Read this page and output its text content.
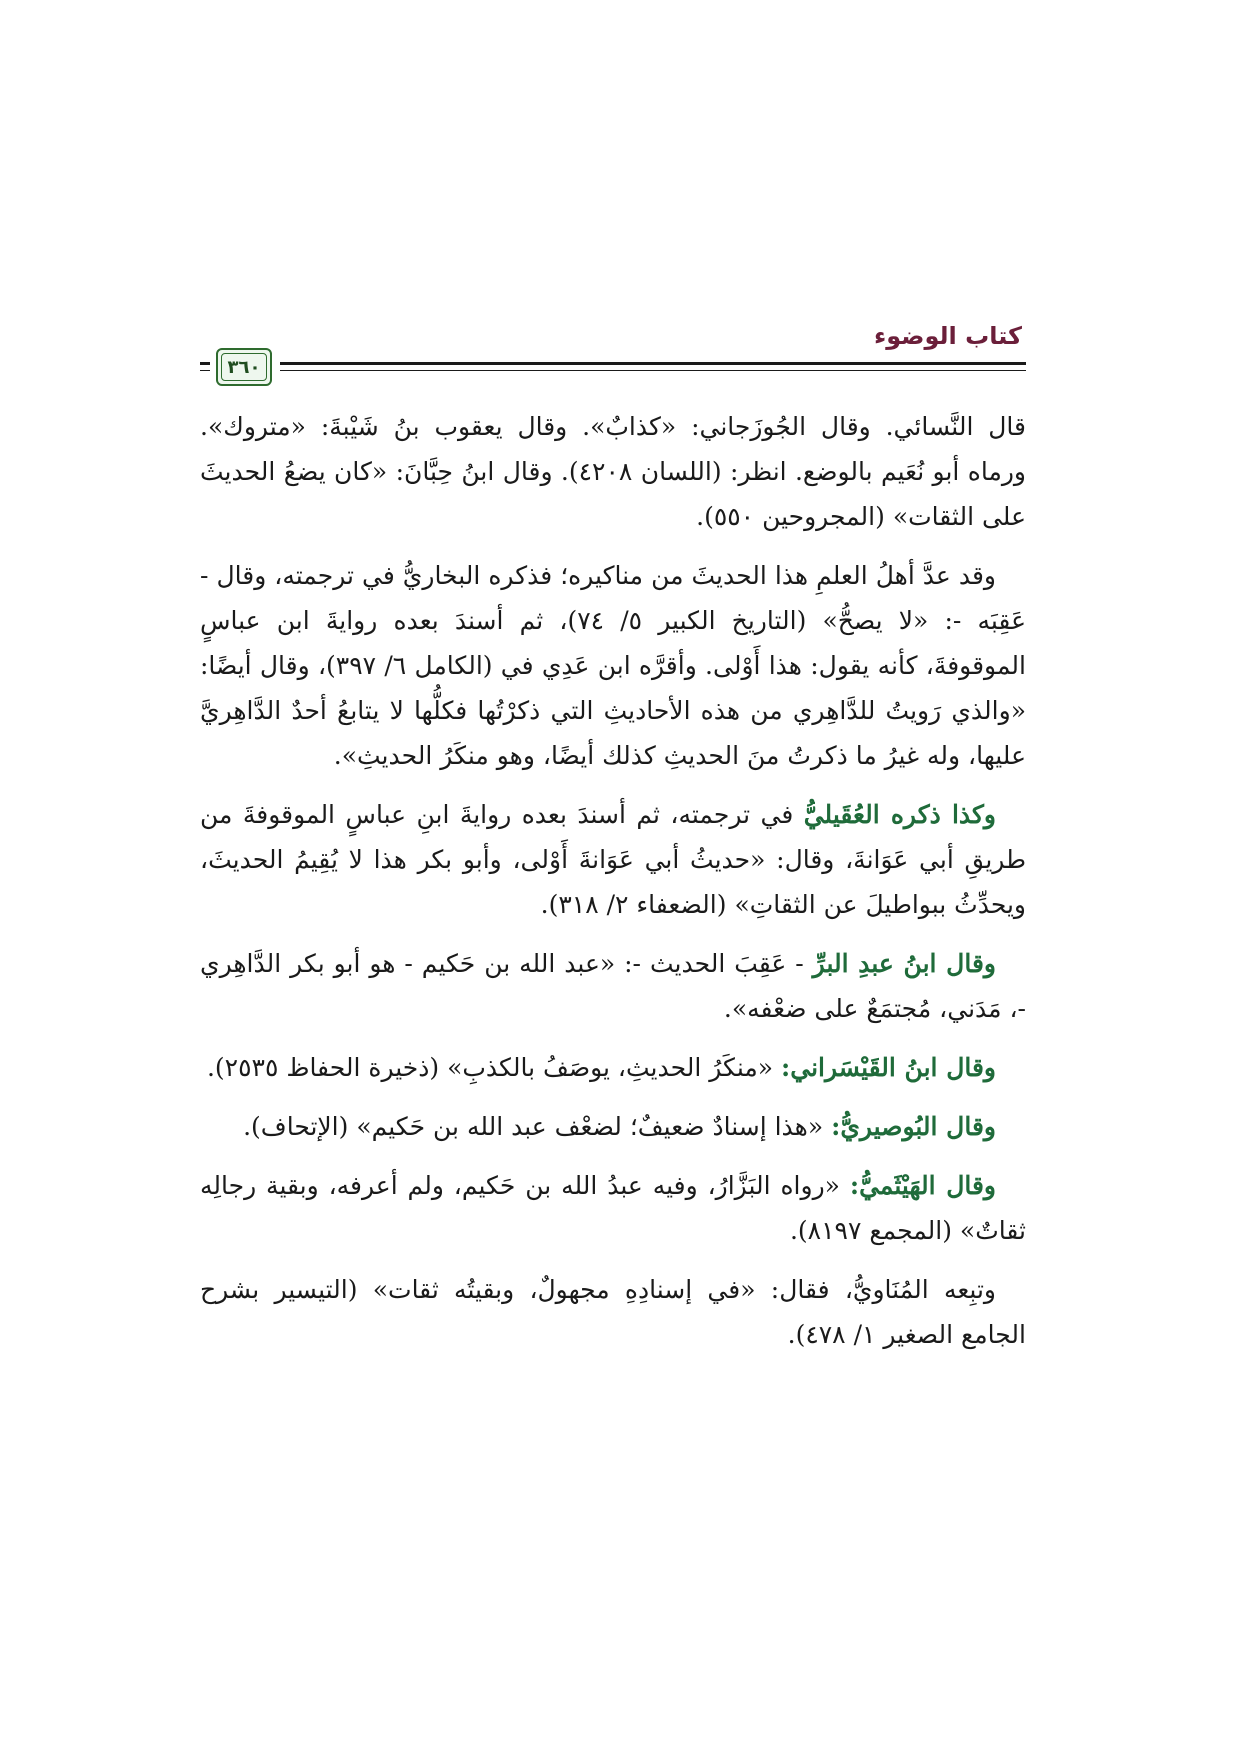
كتاب الوضوء
٣٦٠

قال النَّسائي. وقال الجُوزَجاني: «كذابٌ». وقال يعقوب بنُ شَيْبةَ: «متروك». ورماه أبو نُعَيم بالوضع. انظر: (اللسان ٤٢٠٨). وقال ابنُ حِبَّانَ: «كان يضعُ الحديثَ على الثقات» (المجروحين ٥٥٠).

وقد عدَّ أهلُ العلمِ هذا الحديثَ من مناكيره؛ فذكره البخاريُّ في ترجمته، وقال - عَقِبَه -: «لا يصحُّ» (التاريخ الكبير ٥/ ٧٤)، ثم أسندَ بعده روايةَ ابن عباسٍ الموقوفةَ، كأنه يقول: هذا أَوْلى. وأقرَّه ابن عَدِي في (الكامل ٦/ ٣٩٧)، وقال أيضًا: «والذي رَويتُ للدَّاهِري من هذه الأحاديثِ التي ذكرْتُها فكلُّها لا يتابعُ أحدٌ الدَّاهِريَّ عليها، وله غيرُ ما ذكرتُ منَ الحديثِ كذلك أيضًا، وهو منكَرُ الحديثِ».

وكذا ذكره العُقَيليُّ في ترجمته، ثم أسندَ بعده روايةَ ابنِ عباسٍ الموقوفةَ من طريقِ أبي عَوَانةَ، وقال: «حديثُ أبي عَوَانةَ أَوْلى، وأبو بكر هذا لا يُقِيمُ الحديثَ، ويحدِّثُ ببواطيلَ عن الثقاتِ» (الضعفاء ٢/ ٣١٨).

وقال ابنُ عبدِ البرِّ - عَقِبَ الحديث -: «عبد الله بن حَكيم - هو أبو بكر الدَّاهِري -، مَدَني، مُجتمَعٌ على ضعْفه».

وقال ابنُ القَيْسَراني: «منكَرُ الحديثِ، يوصَفُ بالكذبِ» (ذخيرة الحفاظ ٢٥٣٥).

وقال البُوصيريُّ: «هذا إسنادٌ ضعيفٌ؛ لضعْف عبد الله بن حَكيم» (الإتحاف).

وقال الهَيْثَميُّ: «رواه البَزَّارُ، وفيه عبدُ الله بن حَكيم، ولم أعرفه، وبقية رجالِه ثقاتٌ» (المجمع ٨١٩٧).

وتبِعه المُنَاويُّ، فقال: «في إسنادِهِ مجهولٌ، وبقيتُه ثقات» (التيسير بشرح الجامع الصغير ١/ ٤٧٨).
